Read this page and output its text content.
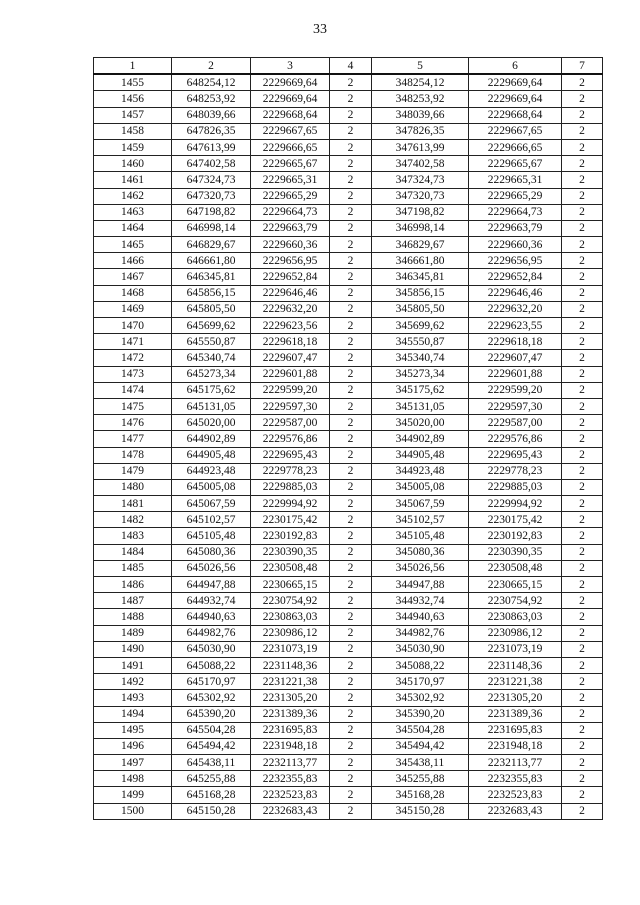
33
1	2	3	4	5	6	7
1455	648254,12	2229669,64	2	348254,12	2229669,64	2
1456	648253,92	2229669,64	2	348253,92	2229669,64	2
1457	648039,66	2229668,64	2	348039,66	2229668,64	2
1458	647826,35	2229667,65	2	347826,35	2229667,65	2
1459	647613,99	2229666,65	2	347613,99	2229666,65	2
1460	647402,58	2229665,67	2	347402,58	2229665,67	2
1461	647324,73	2229665,31	2	347324,73	2229665,31	2
1462	647320,73	2229665,29	2	347320,73	2229665,29	2
1463	647198,82	2229664,73	2	347198,82	2229664,73	2
1464	646998,14	2229663,79	2	346998,14	2229663,79	2
1465	646829,67	2229660,36	2	346829,67	2229660,36	2
1466	646661,80	2229656,95	2	346661,80	2229656,95	2
1467	646345,81	2229652,84	2	346345,81	2229652,84	2
1468	645856,15	2229646,46	2	345856,15	2229646,46	2
1469	645805,50	2229632,20	2	345805,50	2229632,20	2
1470	645699,62	2229623,56	2	345699,62	2229623,55	2
1471	645550,87	2229618,18	2	345550,87	2229618,18	2
1472	645340,74	2229607,47	2	345340,74	2229607,47	2
1473	645273,34	2229601,88	2	345273,34	2229601,88	2
1474	645175,62	2229599,20	2	345175,62	2229599,20	2
1475	645131,05	2229597,30	2	345131,05	2229597,30	2
1476	645020,00	2229587,00	2	345020,00	2229587,00	2
1477	644902,89	2229576,86	2	344902,89	2229576,86	2
1478	644905,48	2229695,43	2	344905,48	2229695,43	2
1479	644923,48	2229778,23	2	344923,48	2229778,23	2
1480	645005,08	2229885,03	2	345005,08	2229885,03	2
1481	645067,59	2229994,92	2	345067,59	2229994,92	2
1482	645102,57	2230175,42	2	345102,57	2230175,42	2
1483	645105,48	2230192,83	2	345105,48	2230192,83	2
1484	645080,36	2230390,35	2	345080,36	2230390,35	2
1485	645026,56	2230508,48	2	345026,56	2230508,48	2
1486	644947,88	2230665,15	2	344947,88	2230665,15	2
1487	644932,74	2230754,92	2	344932,74	2230754,92	2
1488	644940,63	2230863,03	2	344940,63	2230863,03	2
1489	644982,76	2230986,12	2	344982,76	2230986,12	2
1490	645030,90	2231073,19	2	345030,90	2231073,19	2
1491	645088,22	2231148,36	2	345088,22	2231148,36	2
1492	645170,97	2231221,38	2	345170,97	2231221,38	2
1493	645302,92	2231305,20	2	345302,92	2231305,20	2
1494	645390,20	2231389,36	2	345390,20	2231389,36	2
1495	645504,28	2231695,83	2	345504,28	2231695,83	2
1496	645494,42	2231948,18	2	345494,42	2231948,18	2
1497	645438,11	2232113,77	2	345438,11	2232113,77	2
1498	645255,88	2232355,83	2	345255,88	2232355,83	2
1499	645168,28	2232523,83	2	345168,28	2232523,83	2
1500	645150,28	2232683,43	2	345150,28	2232683,43	2
